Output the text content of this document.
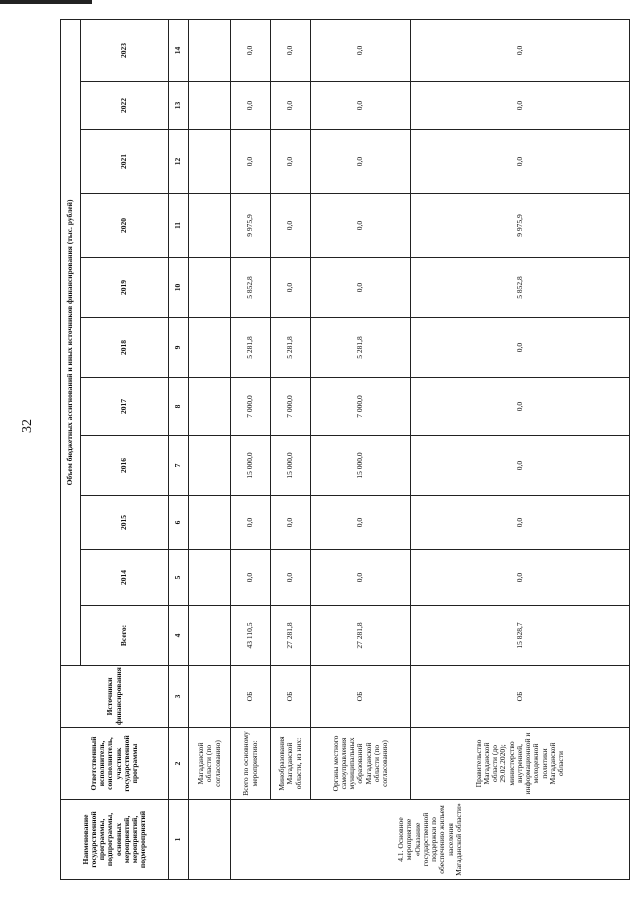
32
Наименование государственной программы, подпрограммы, основных мероприятий, мероприятий, подмероприятий	Ответственный исполнитель, соисполнитель, участник государственной программы	Источники финансирования	Объем бюджетных ассигнований и иных источников финансирования (тыс. рублей)										
			Всего:	2014	2015	2016	2017	2018	2019	2020	2021	2022	2023
1	2	3	4	5	6	7	8	9	10	11	12	13	14
	Магаданской области (по согласованию)												
4.1. Основное мероприятие «Оказание государственной поддержки по обеспечению жильем населения Магаданской области»	Всего по основному мероприятию:	ОБ	43 110,5	0,0	0,0	15 000,0	7 000,0	5 281,8	5 852,8	9 975,9	0,0	0,0	0,0
	Минобразования Магаданской области, из них:	ОБ	27 281,8	0,0	0,0	15 000,0	7 000,0	5 281,8	0,0	0,0	0,0	0,0	0,0
	Органы местного самоуправления муниципальных образований Магаданской области (по согласованию)	ОБ	27 281,8	0,0	0,0	15 000,0	7 000,0	5 281,8	0,0	0,0	0,0	0,0	0,0
	Правительство Магаданской области (до 29.02.2020); министерство внутренней, информационной и молодежной политики Магаданской области	ОБ	15 828,7	0,0	0,0	0,0	0,0	0,0	5 852,8	9 975,9	0,0	0,0	0,0
